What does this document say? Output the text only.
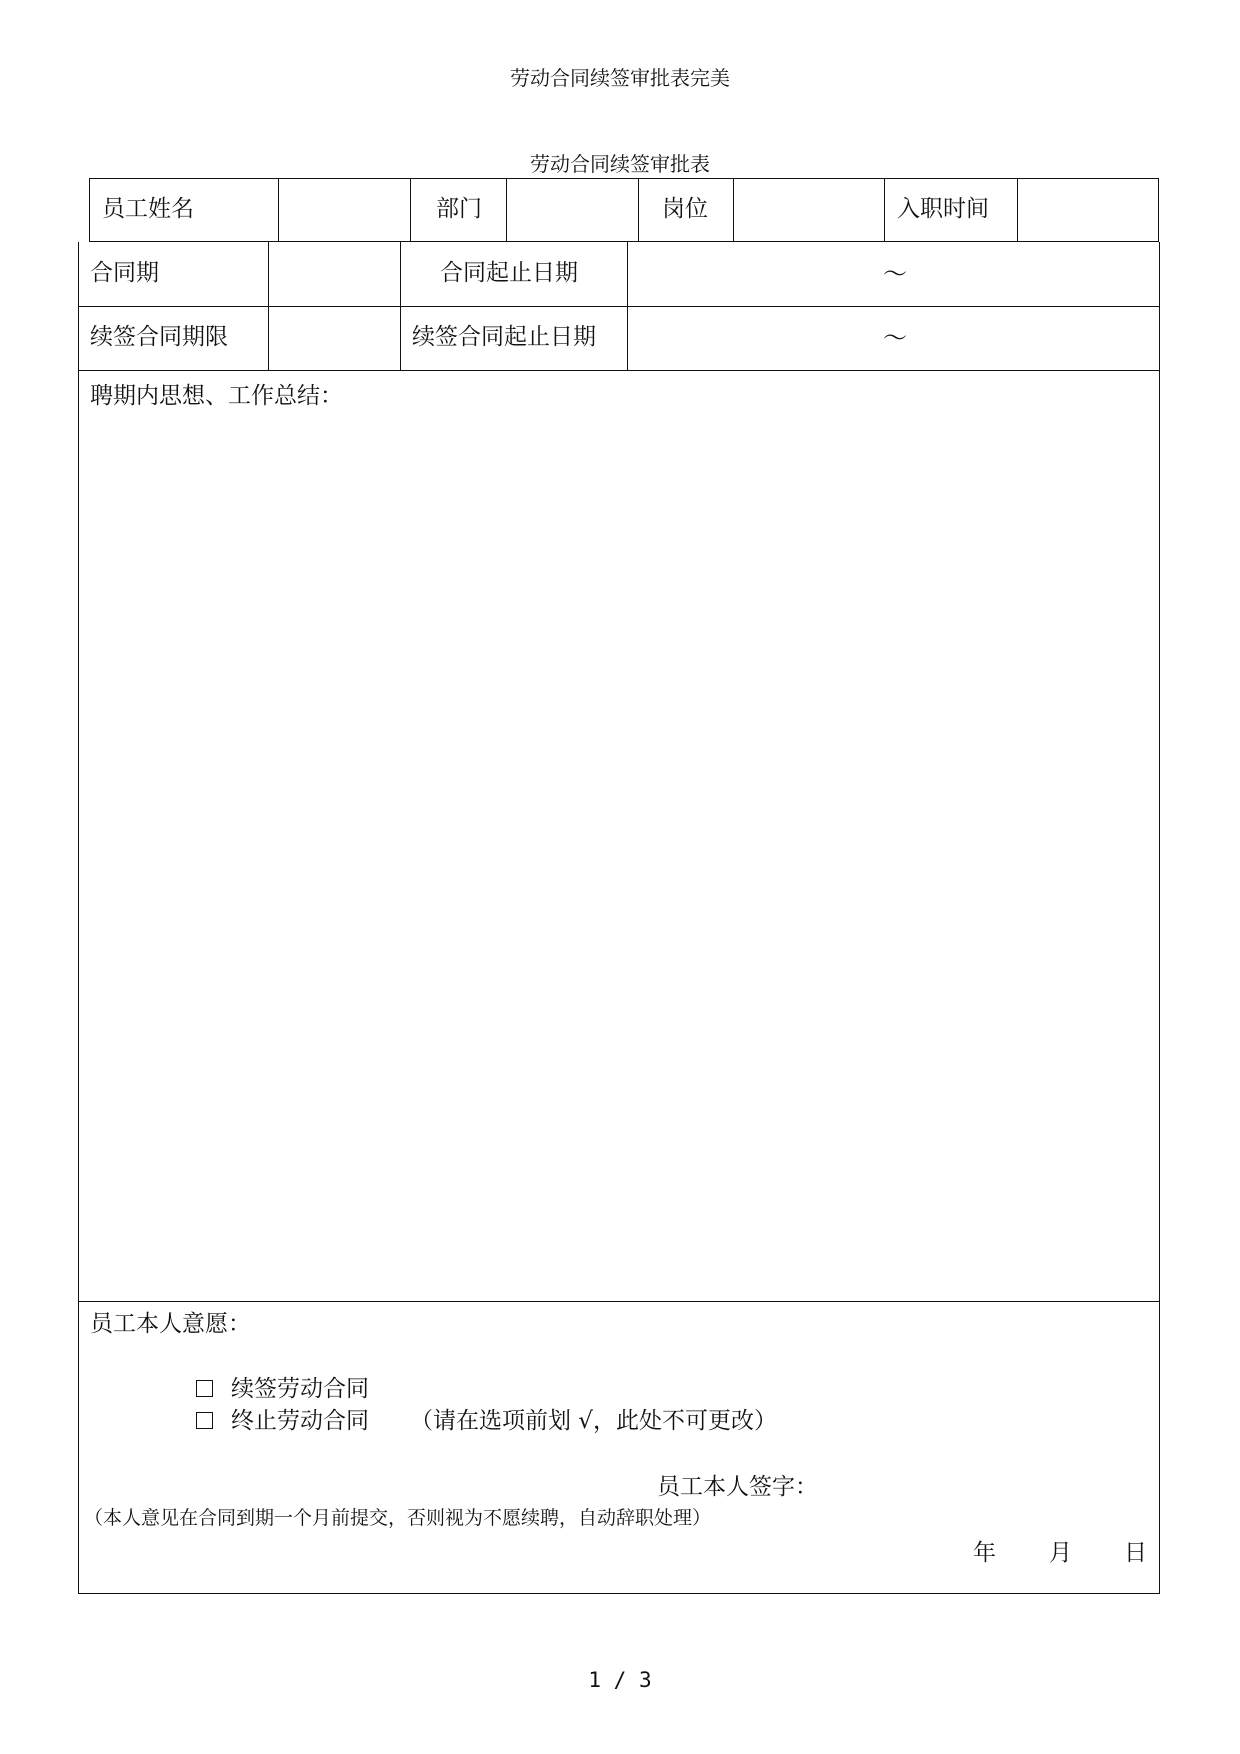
劳动合同续签审批表完美
劳动合同续签审批表
员工姓名	部门	岗位	入职时间
合同期	合同起止日期	～
续签合同期限	续签合同起止日期	～
聘期内思想、工作总结：
员工本人意愿：
续签劳动合同
终止劳动合同 （请在选项前划 √，此处不可更改）
员工本人签字：
（本人意见在合同到期一个月前提交，否则视为不愿续聘，自动辞职处理）
年 月 日
1 / 3
